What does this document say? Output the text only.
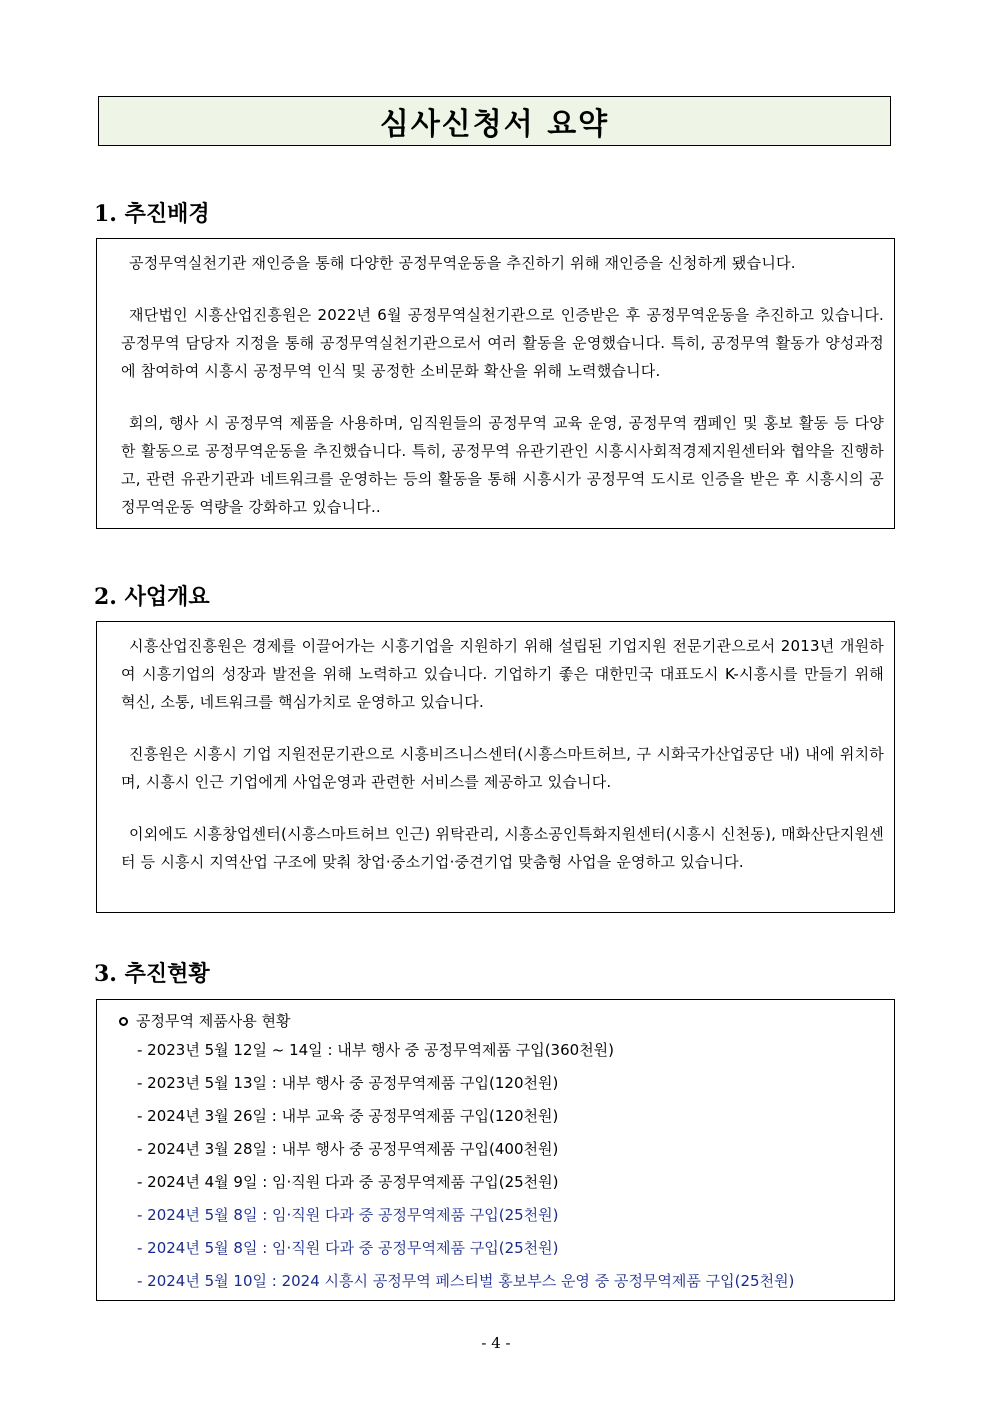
심사신청서 요약
1. 추진배경

공정무역실천기관 재인증을 통해 다양한 공정무역운동을 추진하기 위해 재인증을 신청하게 됐습니다.

재단법인 시흥산업진흥원은 2022년 6월 공정무역실천기관으로 인증받은 후 공정무역운동을 추진하고 있습니다. 공정무역 담당자 지정을 통해 공정무역실천기관으로서 여러 활동을 운영했습니다. 특히, 공정무역 활동가 양성과정에 참여하여 시흥시 공정무역 인식 및 공정한 소비문화 확산을 위해 노력했습니다.

회의, 행사 시 공정무역 제품을 사용하며, 임직원들의 공정무역 교육 운영, 공정무역 캠페인 및 홍보 활동 등 다양한 활동으로 공정무역운동을 추진했습니다. 특히, 공정무역 유관기관인 시흥시사회적경제지원센터와 협약을 진행하고, 관련 유관기관과 네트워크를 운영하는 등의 활동을 통해 시흥시가 공정무역 도시로 인증을 받은 후 시흥시의 공정무역운동 역량을 강화하고 있습니다..

2. 사업개요

시흥산업진흥원은 경제를 이끌어가는 시흥기업을 지원하기 위해 설립된 기업지원 전문기관으로서 2013년 개원하여 시흥기업의 성장과 발전을 위해 노력하고 있습니다. 기업하기 좋은 대한민국 대표도시 K-시흥시를 만들기 위해 혁신, 소통, 네트워크를 핵심가치로 운영하고 있습니다.

진흥원은 시흥시 기업 지원전문기관으로 시흥비즈니스센터(시흥스마트허브, 구 시화국가산업공단 내) 내에 위치하며, 시흥시 인근 기업에게 사업운영과 관련한 서비스를 제공하고 있습니다.

이외에도 시흥창업센터(시흥스마트허브 인근) 위탁관리, 시흥소공인특화지원센터(시흥시 신천동), 매화산단지원센터 등 시흥시 지역산업 구조에 맞춰 창업·중소기업·중견기업 맞춤형 사업을 운영하고 있습니다.

3. 추진현황
공정무역 제품사용 현황
- 2023년 5월 12일 ~ 14일 : 내부 행사 중 공정무역제품 구입(360천원)
- 2023년 5월 13일 : 내부 행사 중 공정무역제품 구입(120천원)
- 2024년 3월 26일 : 내부 교육 중 공정무역제품 구입(120천원)
- 2024년 3월 28일 : 내부 행사 중 공정무역제품 구입(400천원)
- 2024년 4월 9일 : 임·직원 다과 중 공정무역제품 구입(25천원)
- 2024년 5월 8일 : 임·직원 다과 중 공정무역제품 구입(25천원)
- 2024년 5월 8일 : 임·직원 다과 중 공정무역제품 구입(25천원)
- 2024년 5월 10일 : 2024 시흥시 공정무역 페스티벌 홍보부스 운영 중 공정무역제품 구입(25천원)
- 4 -
